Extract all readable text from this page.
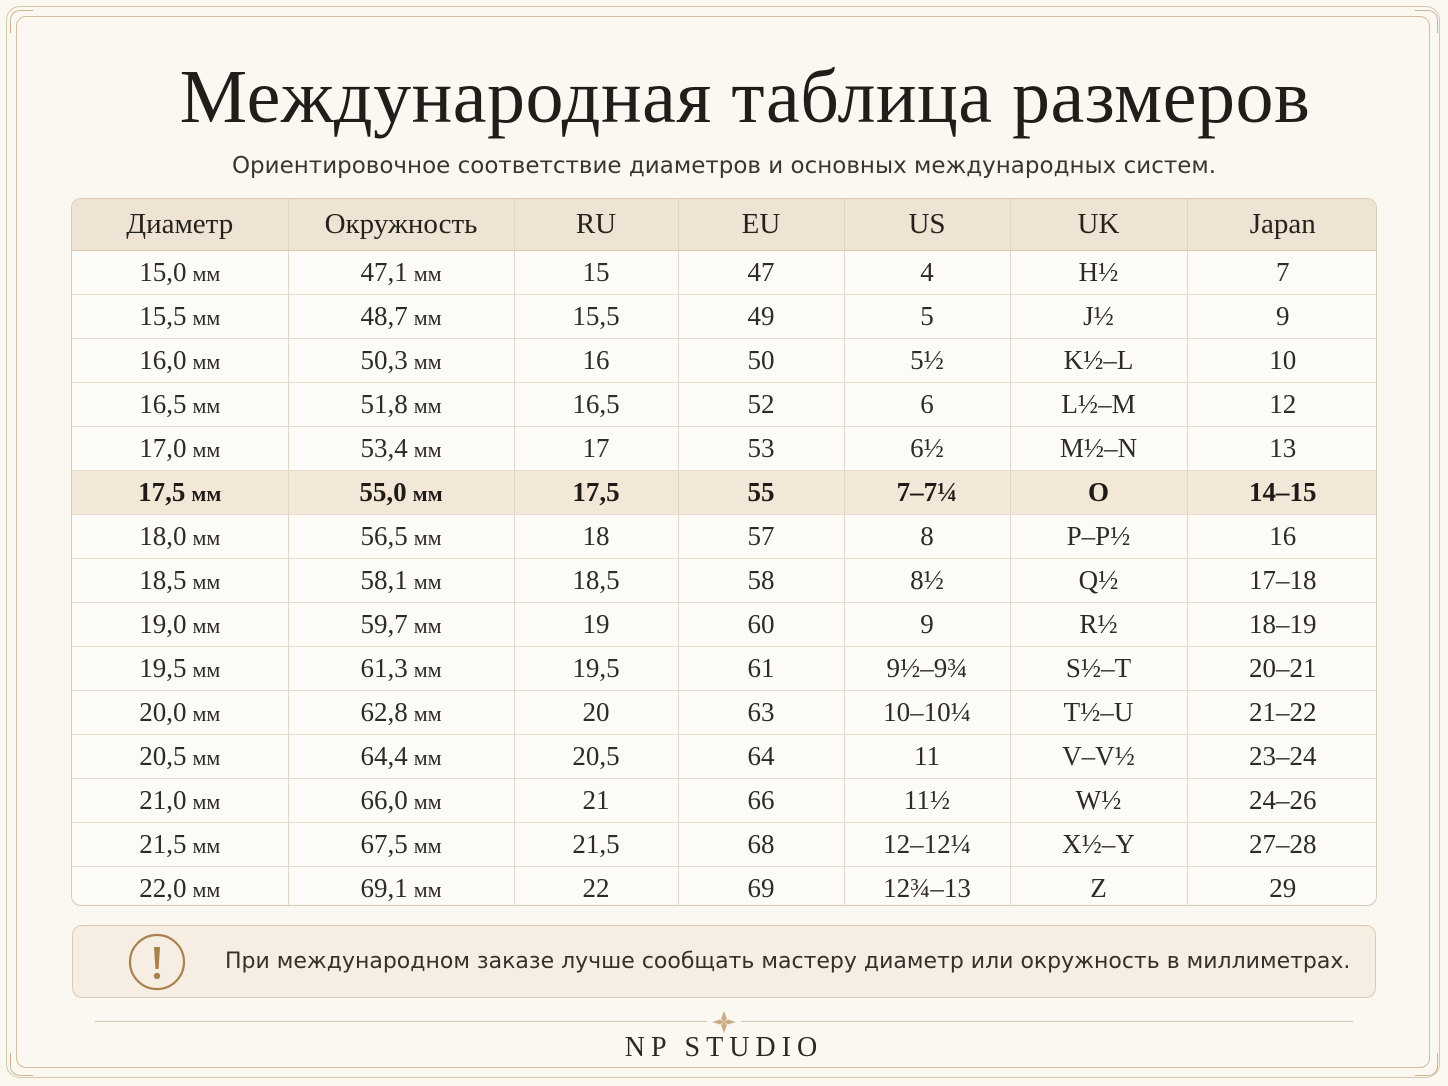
Международная таблица размеров

Ориентировочное соответствие диаметров и основных международных систем.

Диаметр	Окружность	RU	EU	US	UK	Japan
15,0 мм	47,1 мм	15	47	4	H½	7
15,5 мм	48,7 мм	15,5	49	5	J½	9
16,0 мм	50,3 мм	16	50	5½	K½–L	10
16,5 мм	51,8 мм	16,5	52	6	L½–M	12
17,0 мм	53,4 мм	17	53	6½	M½–N	13
17,5 мм	55,0 мм	17,5	55	7–7¼	O	14–15
18,0 мм	56,5 мм	18	57	8	P–P½	16
18,5 мм	58,1 мм	18,5	58	8½	Q½	17–18
19,0 мм	59,7 мм	19	60	9	R½	18–19
19,5 мм	61,3 мм	19,5	61	9½–9¾	S½–T	20–21
20,0 мм	62,8 мм	20	63	10–10¼	T½–U	21–22
20,5 мм	64,4 мм	20,5	64	11	V–V½	23–24
21,0 мм	66,0 мм	21	66	11½	W½	24–26
21,5 мм	67,5 мм	21,5	68	12–12¼	X½–Y	27–28
22,0 мм	69,1 мм	22	69	12¾–13	Z	29
При международном заказе лучше сообщать мастеру диаметр или окружность в миллиметрах.
NP STUDIO
